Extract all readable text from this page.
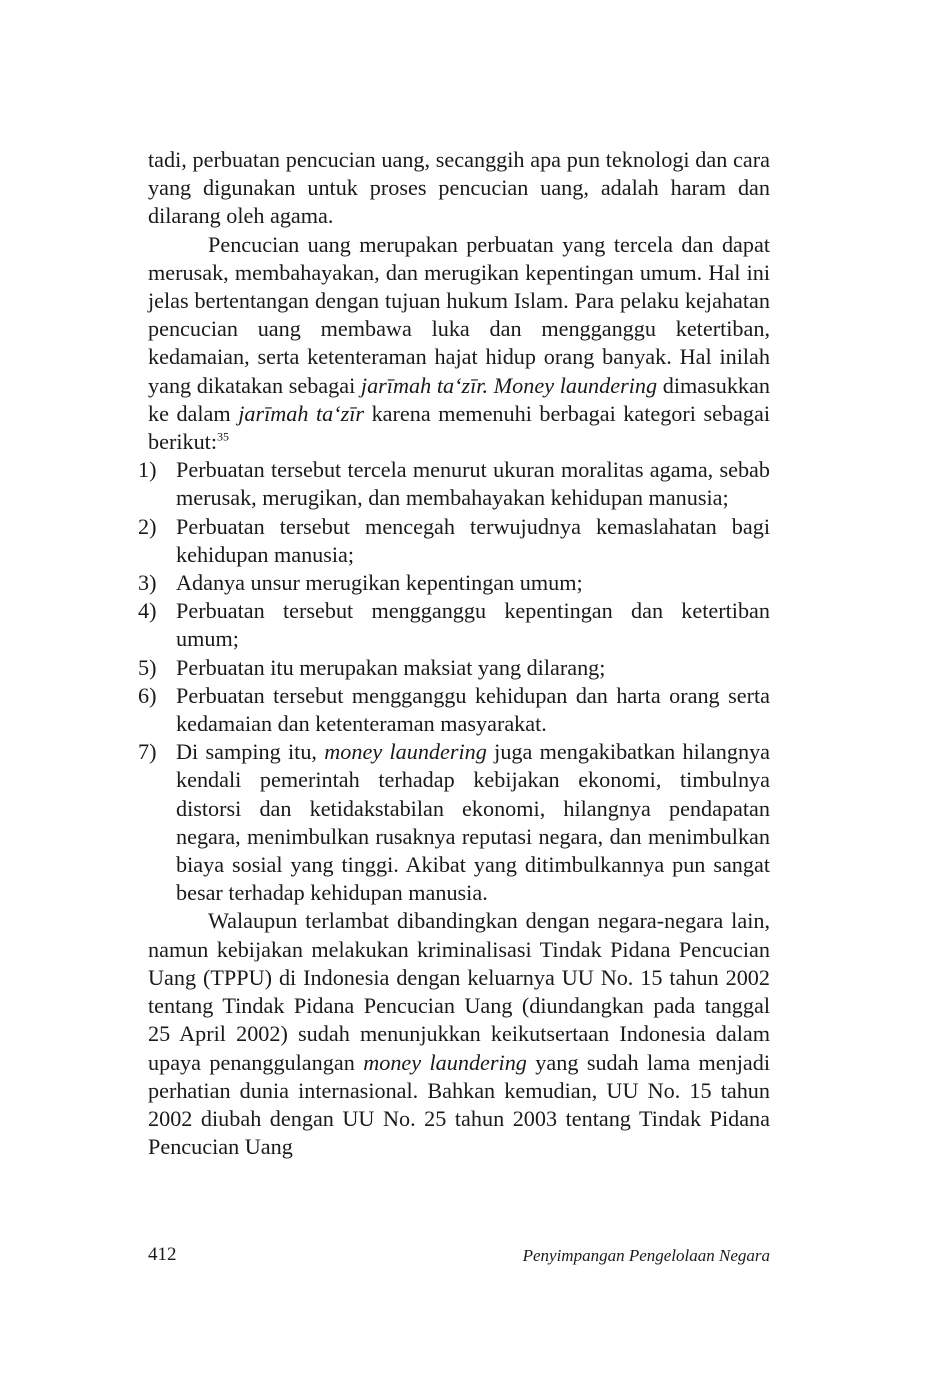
tadi, perbuatan pencucian uang, secanggih apa pun teknologi dan cara yang digunakan untuk proses pencucian uang, adalah haram dan dilarang oleh agama.

Pencucian uang merupakan perbuatan yang tercela dan dapat merusak, membahayakan, dan merugikan kepentingan umum. Hal ini jelas bertentangan dengan tujuan hukum Islam. Para pelaku kejahatan pencucian uang membawa luka dan mengganggu ketertiban, kedamaian, serta ketenteraman hajat hidup orang banyak. Hal inilah yang dikatakan sebagai jarīmah ta‘zīr. Money laundering dimasukkan ke dalam jarīmah ta‘zīr karena memenuhi berbagai kategori sebagai berikut:$^{35}$

1) Perbuatan tersebut tercela menurut ukuran moralitas agama, sebab merusak, merugikan, dan membahayakan kehidupan manusia;
2) Perbuatan tersebut mencegah terwujudnya kemaslahatan bagi kehidupan manusia;
3) Adanya unsur merugikan kepentingan umum;
4) Perbuatan tersebut mengganggu kepentingan dan ketertiban umum;
5) Perbuatan itu merupakan maksiat yang dilarang;
6) Perbuatan tersebut mengganggu kehidupan dan harta orang serta kedamaian dan ketenteraman masyarakat.
7) Di samping itu, money laundering juga mengakibatkan hilangnya kendali pemerintah terhadap kebijakan ekonomi, timbulnya distorsi dan ketidakstabilan ekonomi, hilangnya pendapatan negara, menimbulkan rusaknya reputasi negara, dan menimbulkan biaya sosial yang tinggi. Akibat yang ditimbulkannya pun sangat besar terhadap kehidupan manusia.

Walaupun terlambat dibandingkan dengan negara-negara lain, namun kebijakan melakukan kriminalisasi Tindak Pidana Pencucian Uang (TPPU) di Indonesia dengan keluarnya UU No. 15 tahun 2002 tentang Tindak Pidana Pencucian Uang (diundangkan pada tanggal 25 April 2002) sudah menunjukkan keikutsertaan Indonesia dalam upaya penanggulangan money laundering yang sudah lama menjadi perhatian dunia internasional. Bahkan kemudian, UU No. 15 tahun 2002 diubah dengan UU No. 25 tahun 2003 tentang Tindak Pidana Pencucian Uang

412	Penyimpangan Pengelolaan Negara
